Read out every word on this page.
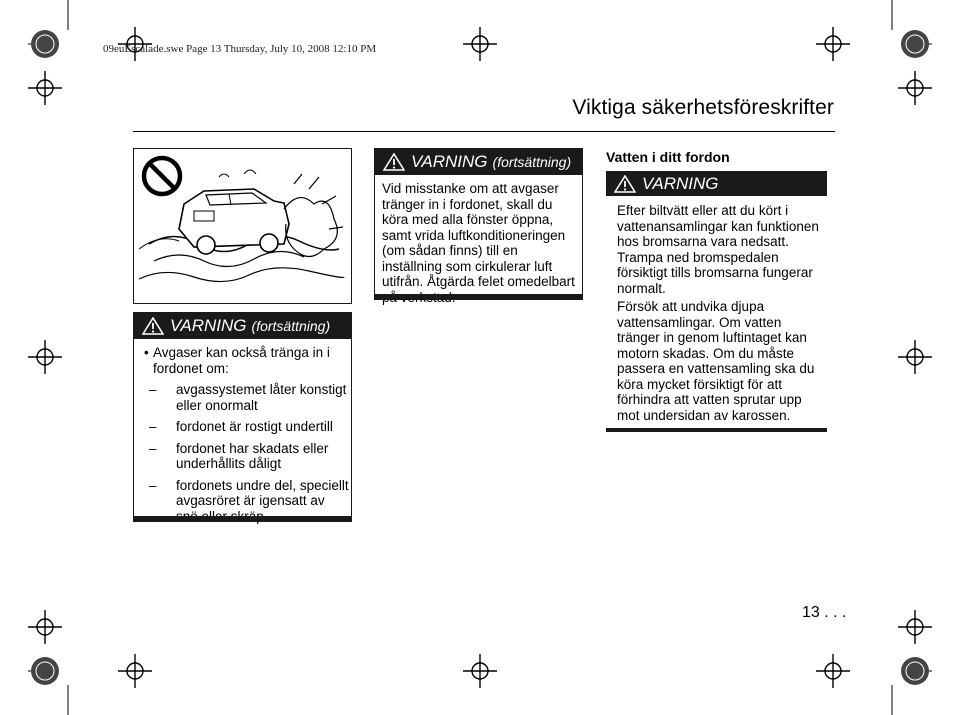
09euEscalade.swe Page 13 Thursday, July 10, 2008 12:10 PM
Viktiga säkerhetsföreskrifter
VARNING (fortsättning)
• Avgaser kan också tränga in i fordonet om:
– avgassystemet låter konstigt eller onormalt
– fordonet är rostigt undertill
– fordonet har skadats eller underhållits dåligt
– fordonets undre del, speciellt avgasröret är igensatt av
VARNING (fortsättning)
Vid misstanke om att avgaser tränger in i fordonet, skall du köra med alla fönster öppna, samt vrida luftkonditioneringen (om sådan finns) till en inställning som cirkulerar luft utifrån. Åtgärda felet omedelbart
Vatten i ditt fordon
VARNING
Efter biltvätt eller att du kört i vattenansamlingar kan funktionen hos bromsarna vara nedsatt. Trampa ned bromspedalen försiktigt tills bromsarna fungerar normalt.
Försök att undvika djupa vattensamlingar. Om vatten tränger in genom luftintaget kan motorn skadas. Om du måste passera en vattensamling ska du köra mycket försiktigt för att förhindra att vatten sprutar upp mot undersidan av karossen.
13 . . .
